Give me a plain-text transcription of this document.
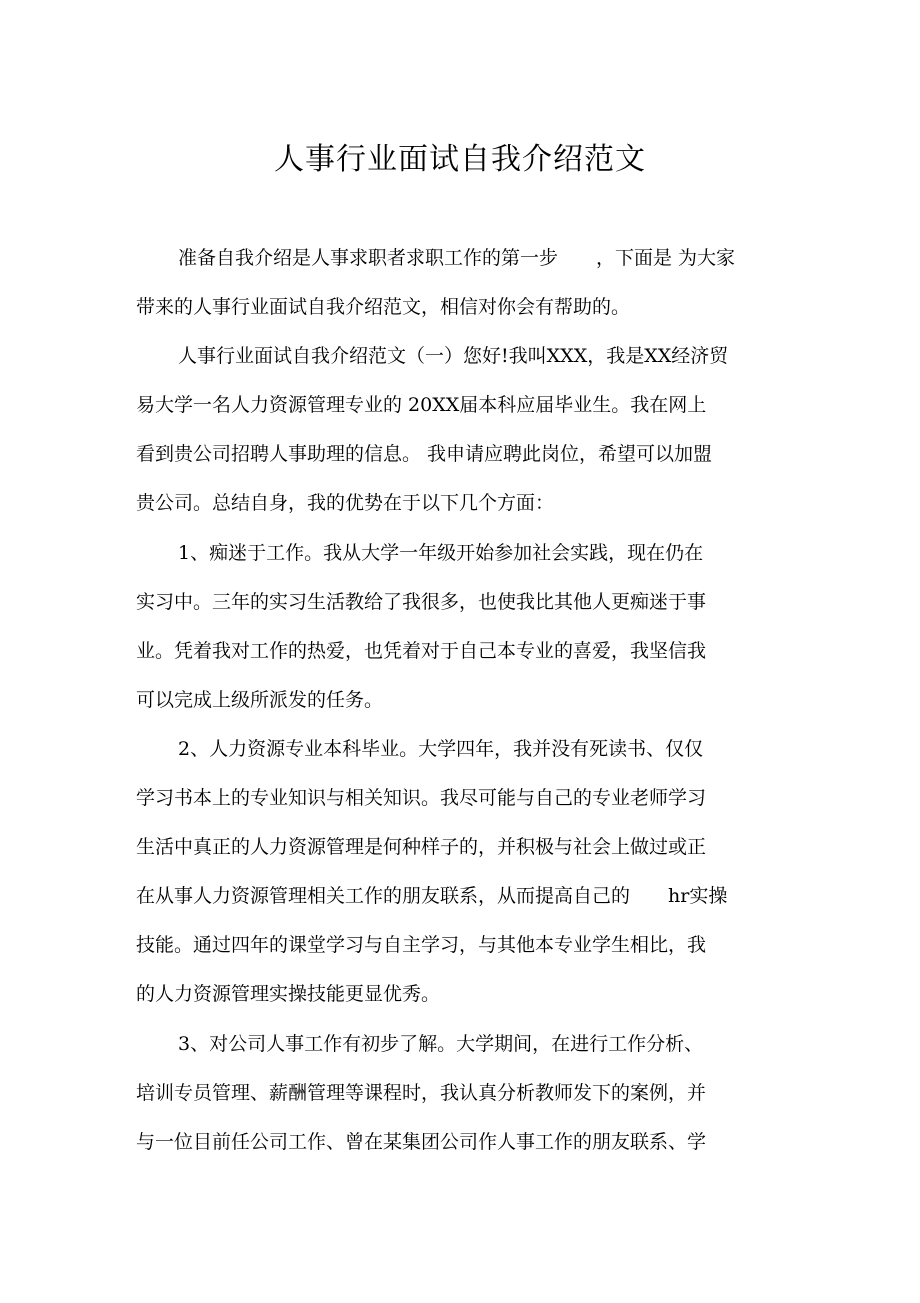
人事行业面试自我介绍范文
准备自我介绍是人事求职者求职工作的第一步　　，下面是 为大家
带来的人事行业面试自我介绍范文，相信对你会有帮助的。
人事行业面试自我介绍范文（一）您好!我叫XXX，我是XX经济贸
易大学一名人力资源管理专业的 20XX届本科应届毕业生。我在网上
看到贵公司招聘人事助理的信息。 我申请应聘此岗位，希望可以加盟
贵公司。总结自身，我的优势在于以下几个方面：
1、痴迷于工作。我从大学一年级开始参加社会实践，现在仍在
实习中。三年的实习生活教给了我很多，也使我比其他人更痴迷于事
业。凭着我对工作的热爱，也凭着对于自己本专业的喜爱，我坚信我
可以完成上级所派发的任务。
2、人力资源专业本科毕业。大学四年，我并没有死读书、仅仅
学习书本上的专业知识与相关知识。我尽可能与自己的专业老师学习
生活中真正的人力资源管理是何种样子的，并积极与社会上做过或正
在从事人力资源管理相关工作的朋友联系，从而提高自己的　　hr实操
技能。通过四年的课堂学习与自主学习，与其他本专业学生相比，我
的人力资源管理实操技能更显优秀。
3、对公司人事工作有初步了解。大学期间，在进行工作分析、
培训专员管理、薪酬管理等课程时，我认真分析教师发下的案例，并
与一位目前任公司工作、曾在某集团公司作人事工作的朋友联系、学
